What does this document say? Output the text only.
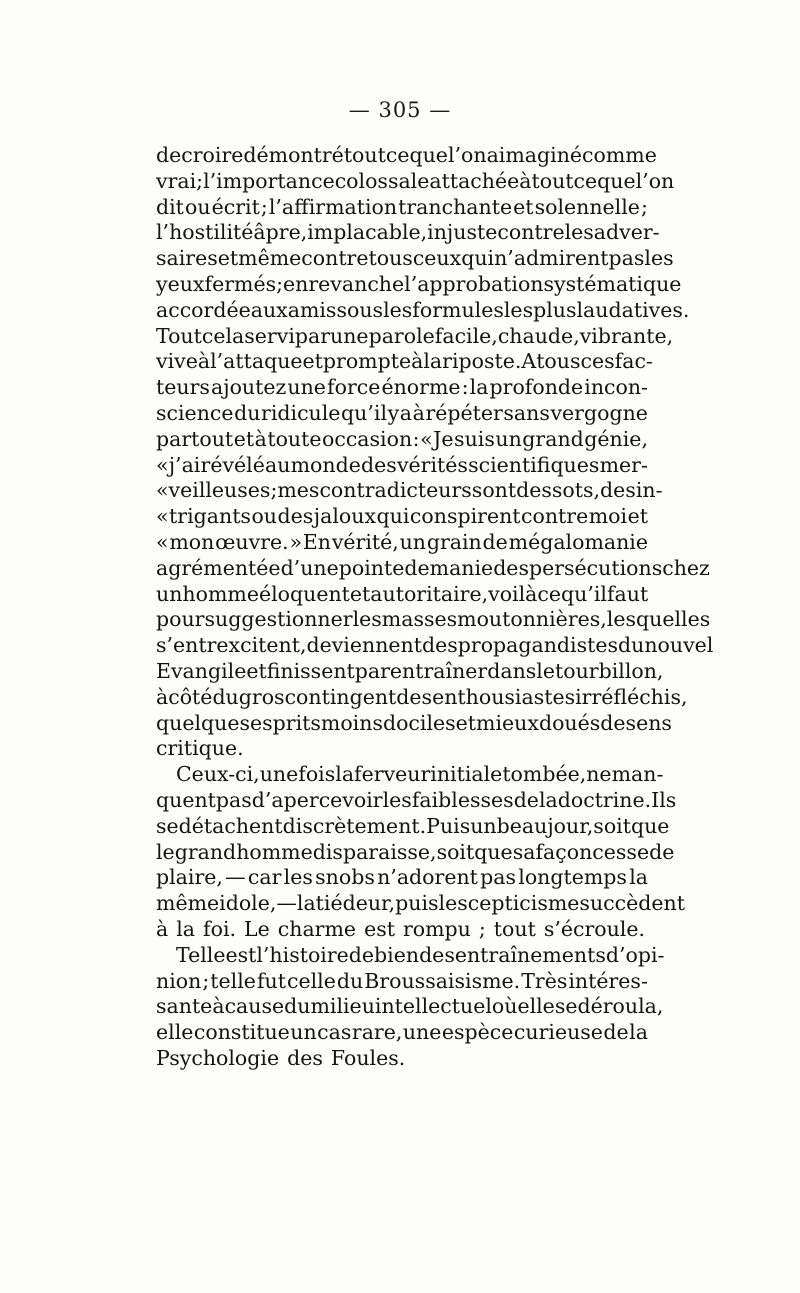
— 305 —
de croire démontré tout ce que l’on a imaginé comme
vrai ; l’importance colossale attachée à tout ce que l’on
dit ou écrit ; l’affirmation tranchante et solennelle ;
l’hostilité âpre, implacable, injuste contre les adver-
saires et même contre tous ceux qui n’admirent pas les
yeux fermés ; en revanche l’approbation systématique
accordée aux amis sous les formules les plus laudatives.
Tout cela servi par une parole facile, chaude, vibrante,
vive à l’attaque et prompte à la riposte. A tous ces fac-
teurs ajoutez une force énorme : la profonde incon-
science du ridicule qu’il y a à répéter sans vergogne
partout et à toute occasion : « Je suis un grand génie,
« j’ai révélé au monde des vérités scientifiques mer-
« veilleuses ; mes contradicteurs sont des sots, des in-
« trigants ou des jaloux qui conspirent contre moi et
« mon œuvre. » En vérité, un grain de mégalomanie
agrémentée d’une pointe de manie des persécutions chez
un homme éloquent et autoritaire, voilà ce qu’il faut
pour suggestionner les masses moutonnières, lesquelles
s’entrexcitent, deviennent des propagandistes du nouvel
Evangile et finissent par entraîner dans le tourbillon,
à côté du gros contingent des enthousiastes irréfléchis,
quelques esprits moins dociles et mieux doués de sens
critique.
Ceux-ci, une fois la ferveur initiale tombée, ne man-
quent pas d’apercevoir les faiblesses de la doctrine. Ils
se détachent discrètement. Puis un beau jour, soit que
le grand homme disparaisse, soit que sa façon cesse de
plaire, — car les snobs n’adorent pas longtemps la
même idole, — la tiédeur, puis le scepticisme succèdent
à la foi. Le charme est rompu ; tout s’écroule.
Telle est l’histoire de bien des entraînements d’opi-
nion ; telle fut celle du Broussaisisme. Très intéres-
sante à cause du milieu intellectuel où elle se déroula,
elle constitue un cas rare, une espèce curieuse de la
Psychologie des Foules.
